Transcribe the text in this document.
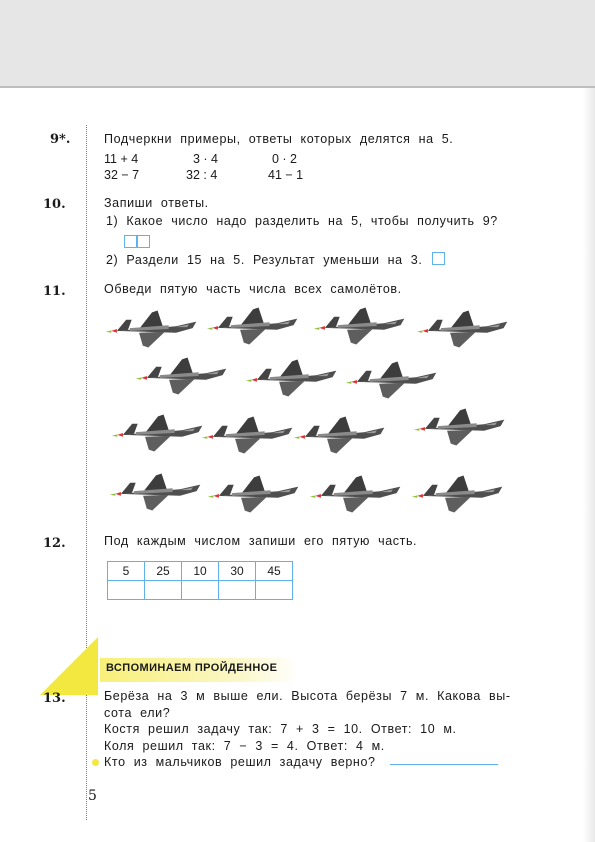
9*.	Подчеркни примеры, ответы которых делятся на 5.
11 + 4	3 · 4	0 · 2
32 − 7	32 : 4	41 − 1
10.	Запиши ответы.
1) Какое число надо разделить на 5, чтобы получить 9?
2) Раздели 15 на 5. Результат уменьши на 3.
11.	Обведи пятую часть числа всех самолётов.
12.	Под каждым числом запиши его пятую часть.
5	25	10	30	45

ВСПОМИНАЕМ ПРОЙДЕННОЕ
13.	Берёза на 3 м выше ели. Высота берёзы 7 м. Какова вы-
сота ели?
Костя решил задачу так: 7 + 3 = 10. Ответ: 10 м.
Коля решил так: 7 − 3 = 4. Ответ: 4 м.
Кто из мальчиков решил задачу верно?
5
